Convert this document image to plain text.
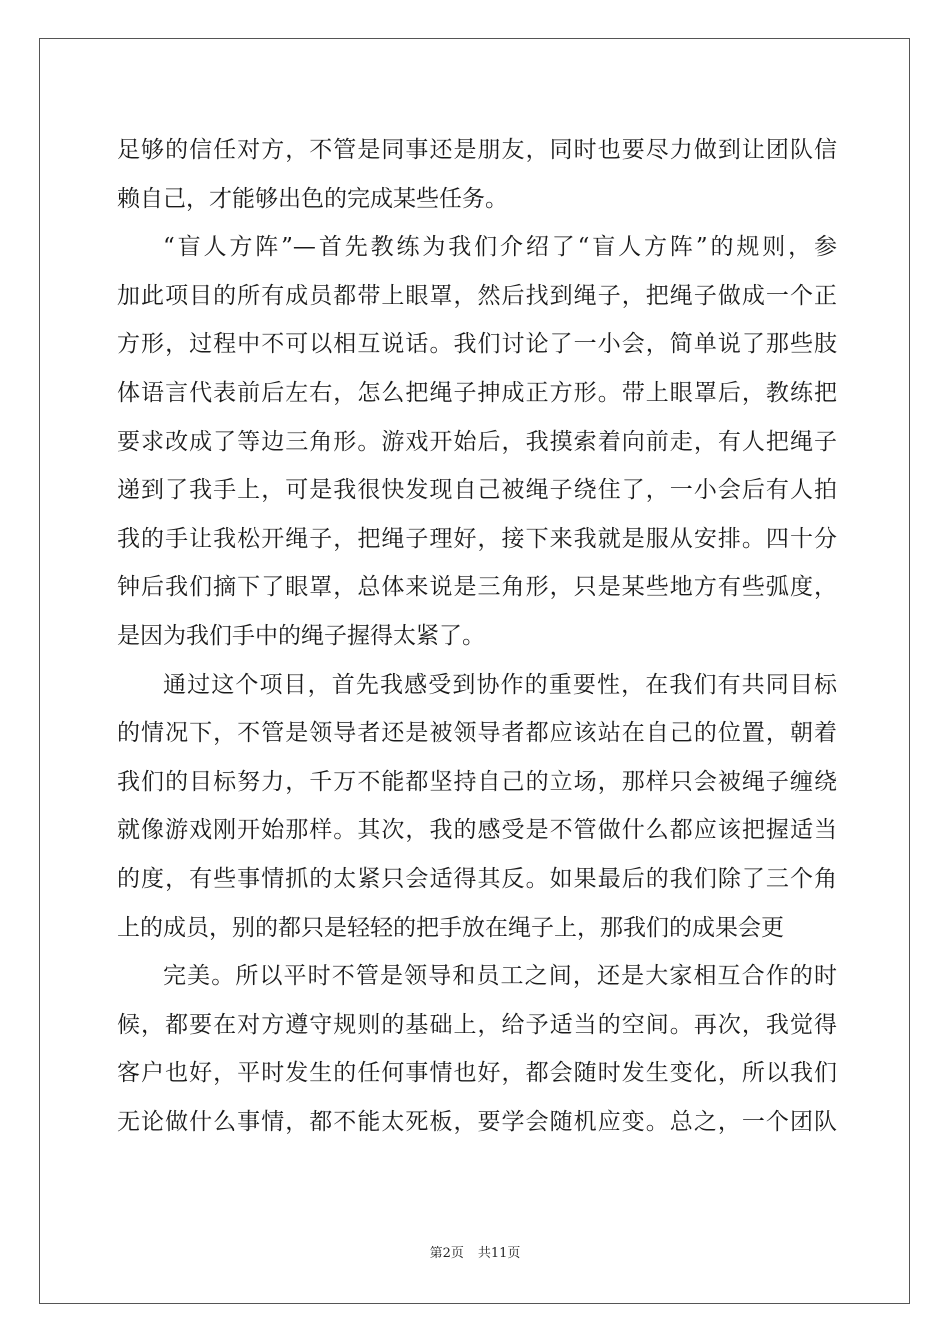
足够的信任对方，不管是同事还是朋友，同时也要尽力做到让团队信
赖自己，才能够出色的完成某些任务。
“盲人方阵”—首先教练为我们介绍了“盲人方阵”的规则，参
加此项目的所有成员都带上眼罩，然后找到绳子，把绳子做成一个正
方形，过程中不可以相互说话。我们讨论了一小会，简单说了那些肢
体语言代表前后左右，怎么把绳子抻成正方形。带上眼罩后，教练把
要求改成了等边三角形。游戏开始后，我摸索着向前走，有人把绳子
递到了我手上，可是我很快发现自己被绳子绕住了，一小会后有人拍
我的手让我松开绳子，把绳子理好，接下来我就是服从安排。四十分
钟后我们摘下了眼罩，总体来说是三角形，只是某些地方有些弧度，
是因为我们手中的绳子握得太紧了。
通过这个项目，首先我感受到协作的重要性，在我们有共同目标
的情况下，不管是领导者还是被领导者都应该站在自己的位置，朝着
我们的目标努力，千万不能都坚持自己的立场，那样只会被绳子缠绕
就像游戏刚开始那样。其次，我的感受是不管做什么都应该把握适当
的度，有些事情抓的太紧只会适得其反。如果最后的我们除了三个角
上的成员，别的都只是轻轻的把手放在绳子上，那我们的成果会更
完美。所以平时不管是领导和员工之间，还是大家相互合作的时
候，都要在对方遵守规则的基础上，给予适当的空间。再次，我觉得
客户也好，平时发生的任何事情也好，都会随时发生变化，所以我们
无论做什么事情，都不能太死板，要学会随机应变。总之，一个团队
第2页 共11页
